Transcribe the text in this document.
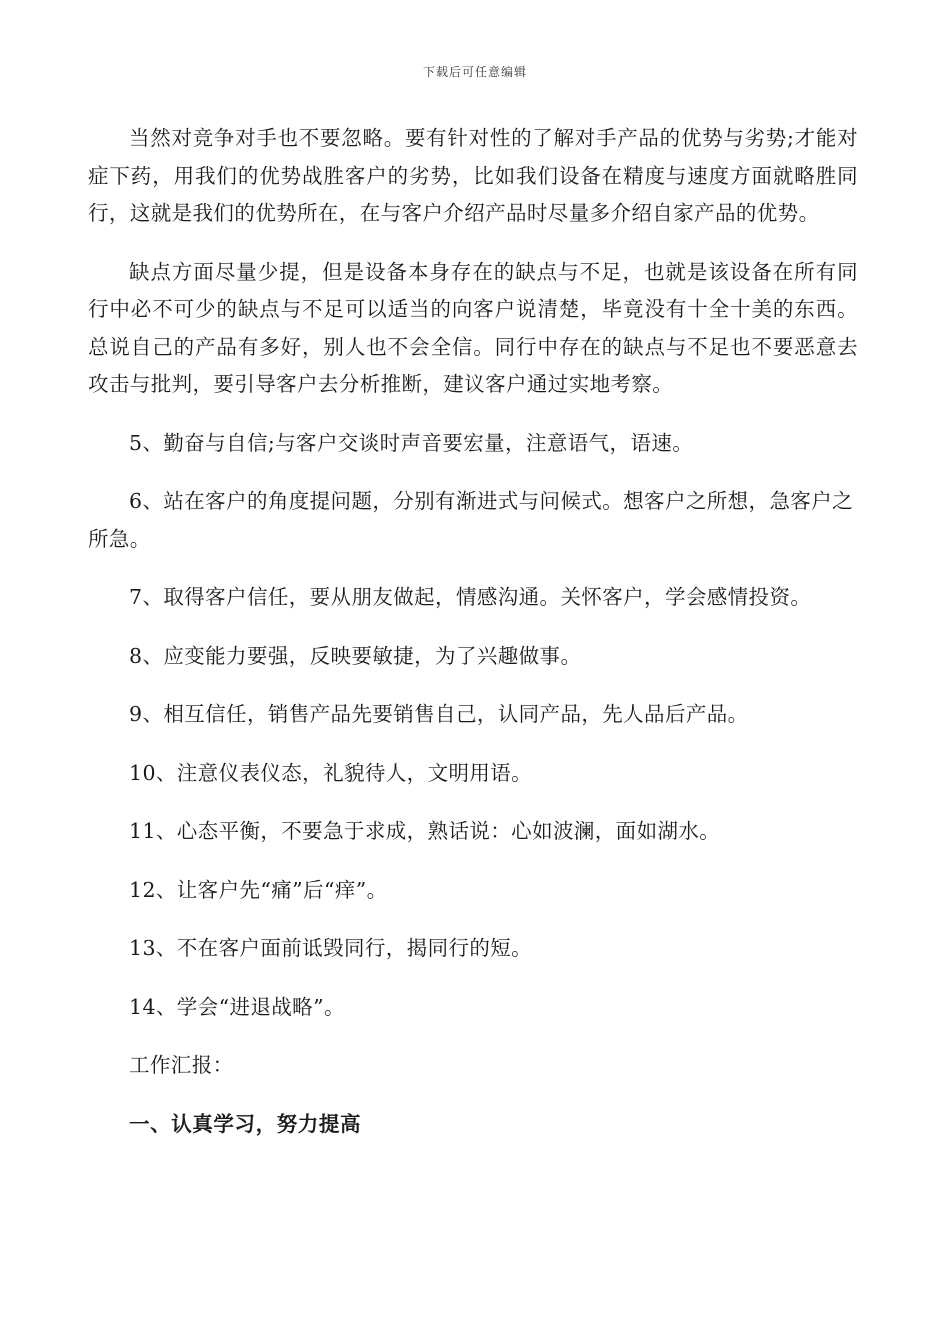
下载后可任意编辑

当然对竞争对手也不要忽略。要有针对性的了解对手产品的优势与劣势;才能对症下药，用我们的优势战胜客户的劣势，比如我们设备在精度与速度方面就略胜同行，这就是我们的优势所在，在与客户介绍产品时尽量多介绍自家产品的优势。

缺点方面尽量少提，但是设备本身存在的缺点与不足，也就是该设备在所有同行中必不可少的缺点与不足可以适当的向客户说清楚，毕竟没有十全十美的东西。总说自己的产品有多好，别人也不会全信。同行中存在的缺点与不足也不要恶意去攻击与批判，要引导客户去分析推断，建议客户通过实地考察。

5、勤奋与自信;与客户交谈时声音要宏量，注意语气，语速。

6、站在客户的角度提问题，分别有渐进式与问候式。想客户之所想，急客户之所急。

7、取得客户信任，要从朋友做起，情感沟通。关怀客户，学会感情投资。

8、应变能力要强，反映要敏捷，为了兴趣做事。

9、相互信任，销售产品先要销售自己，认同产品，先人品后产品。

10、注意仪表仪态，礼貌待人，文明用语。

11、心态平衡，不要急于求成，熟话说：心如波澜，面如湖水。

12、让客户先“痛”后“痒”。

13、不在客户面前诋毁同行，揭同行的短。

14、学会“进退战略”。

工作汇报：

一、认真学习，努力提高
